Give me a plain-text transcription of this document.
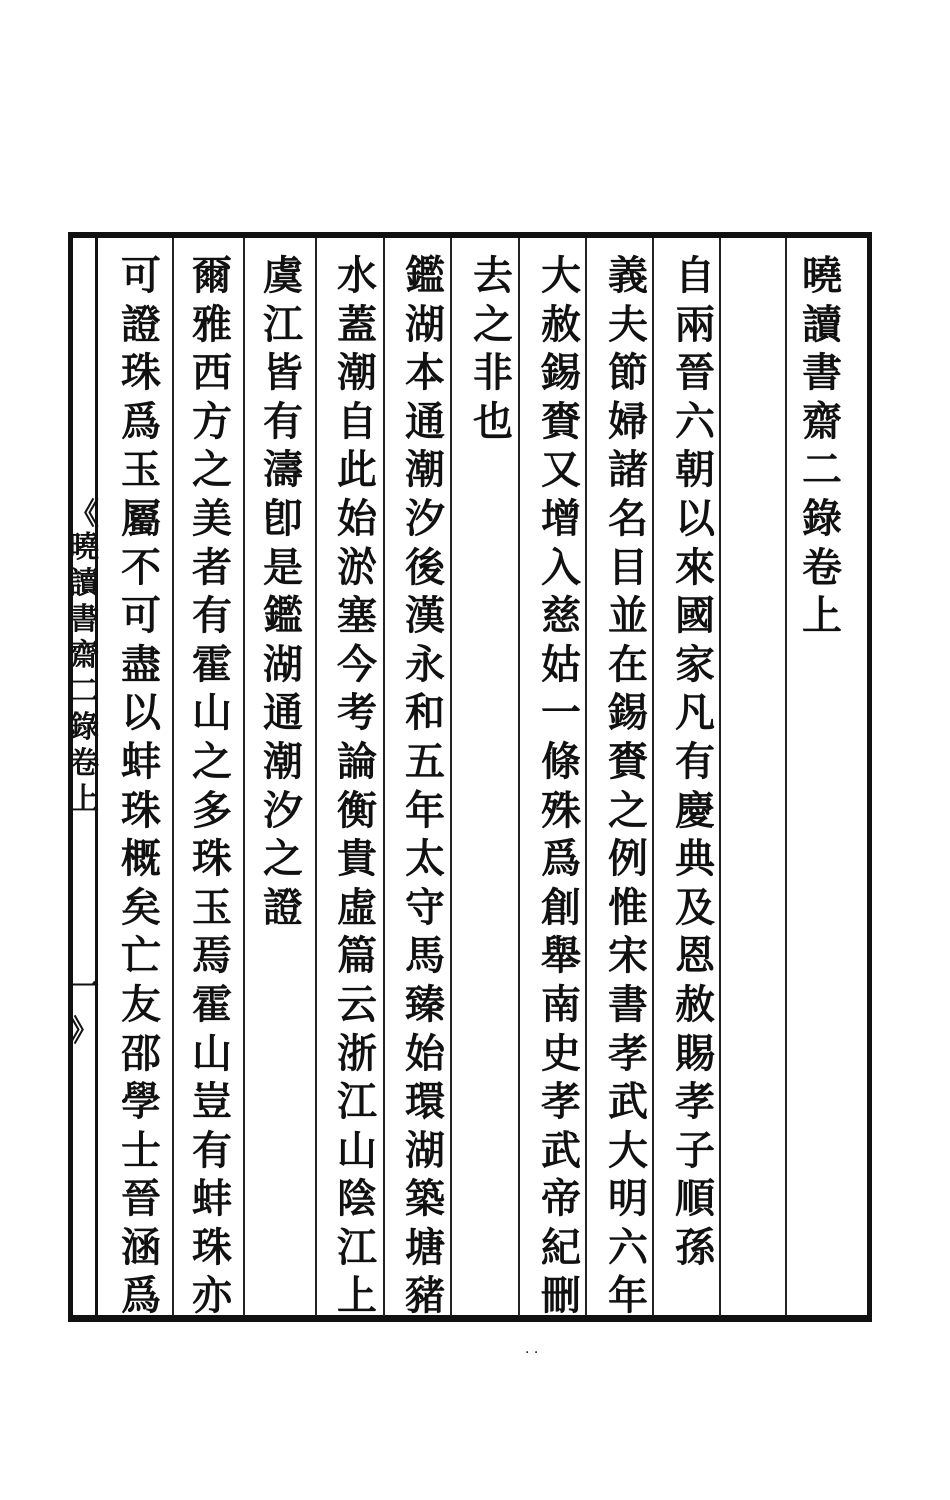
曉
讀
書
齋
二
錄
卷
上
自
兩
晉
六
朝
以
來
國
家
凡
有
慶
典
及
恩
赦
賜
孝
子
順
孫
義
夫
節
婦
諸
名
目
並
在
錫
賚
之
例
惟
宋
書
孝
武
大
明
六
年
大
赦
錫
賚
又
增
入
慈
姑
一
條
殊
爲
創
舉
南
史
孝
武
帝
紀
刪
去
之
非
也
鑑
湖
本
通
潮
汐
後
漢
永
和
五
年
太
守
馬
臻
始
環
湖
築
塘
豬
水
蓋
潮
自
此
始
淤
塞
今
考
論
衡
貴
虛
篇
云
浙
江
山
陰
江
上
虞
江
皆
有
濤
卽
是
鑑
湖
通
潮
汐
之
證
爾
雅
西
方
之
美
者
有
霍
山
之
多
珠
玉
焉
霍
山
豈
有
蚌
珠
亦
可
證
珠
爲
玉
屬
不
可
盡
以
蚌
珠
概
矣
亡
友
邵
學
士
晉
涵
爲
《
曉
讀
書
齋
二
錄
卷
上
一
》
· ·
